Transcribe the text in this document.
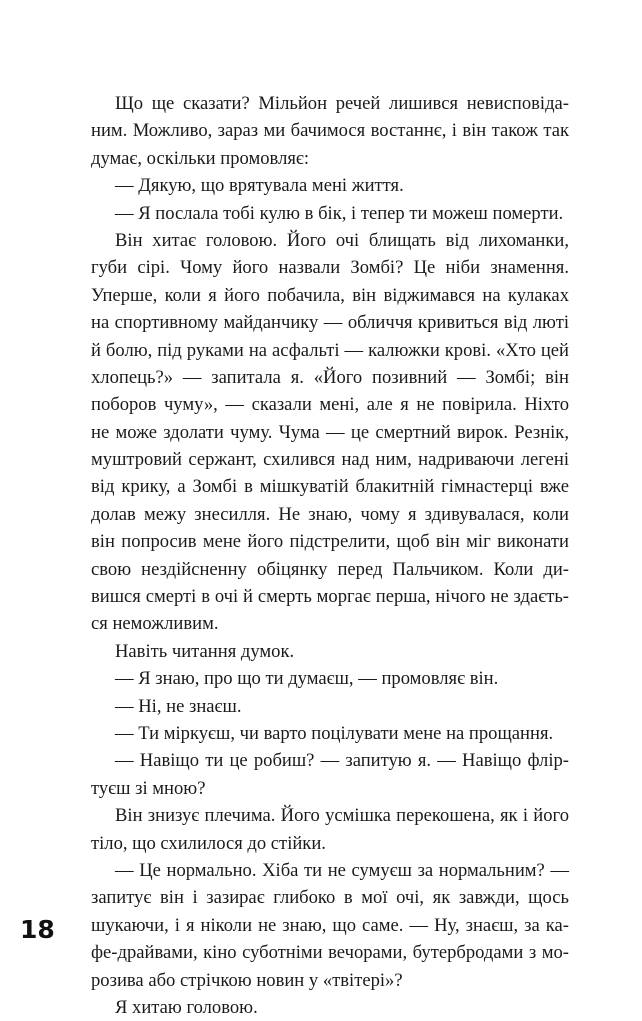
Що ще сказати? Мільйон речей лишився невисповіда-
ним. Можливо, зараз ми бачимося востаннє, і він також так
думає, оскільки промовляє:
— Дякую, що врятувала мені життя.
— Я послала тобі кулю в бік, і тепер ти можеш померти.
Він хитає головою. Його очі блищать від лихоманки,
губи сірі. Чому його назвали Зомбі? Це ніби знамення.
Уперше, коли я його побачила, він віджимався на кулаках
на спортивному майданчику — обличчя кривиться від люті
й болю, під руками на асфальті — калюжки крові. «Хто цей
хлопець?» — запитала я. «Його позивний — Зомбі; він
поборов чуму», — сказали мені, але я не повірила. Ніхто
не може здолати чуму. Чума — це смертний вирок. Резнік,
муштровий сержант, схилився над ним, надриваючи легені
від крику, а Зомбі в мішкуватій блакитній гімнастерці вже
долав межу знесилля. Не знаю, чому я здивувалася, коли
він попросив мене його підстрелити, щоб він міг виконати
свою нездійсненну обіцянку перед Пальчиком. Коли ди-
вишся смерті в очі й смерть моргає перша, нічого не здаєть-
ся неможливим.
Навіть читання думок.
— Я знаю, про що ти думаєш, — промовляє він.
— Ні, не знаєш.
— Ти міркуєш, чи варто поцілувати мене на прощання.
— Навіщо ти це робиш? — запитую я. — Навіщо флір-
туєш зі мною?
Він знизує плечима. Його усмішка перекошена, як і його
тіло, що схилилося до стійки.
— Це нормально. Хіба ти не сумуєш за нормальним? —
запитує він і зазирає глибоко в мої очі, як завжди, щось
шукаючи, і я ніколи не знаю, що саме. — Ну, знаєш, за ка-
фе-драйвами, кіно суботніми вечорами, бутербродами з мо-
розива або стрічкою новин у «твітері»?
Я хитаю головою.
18
